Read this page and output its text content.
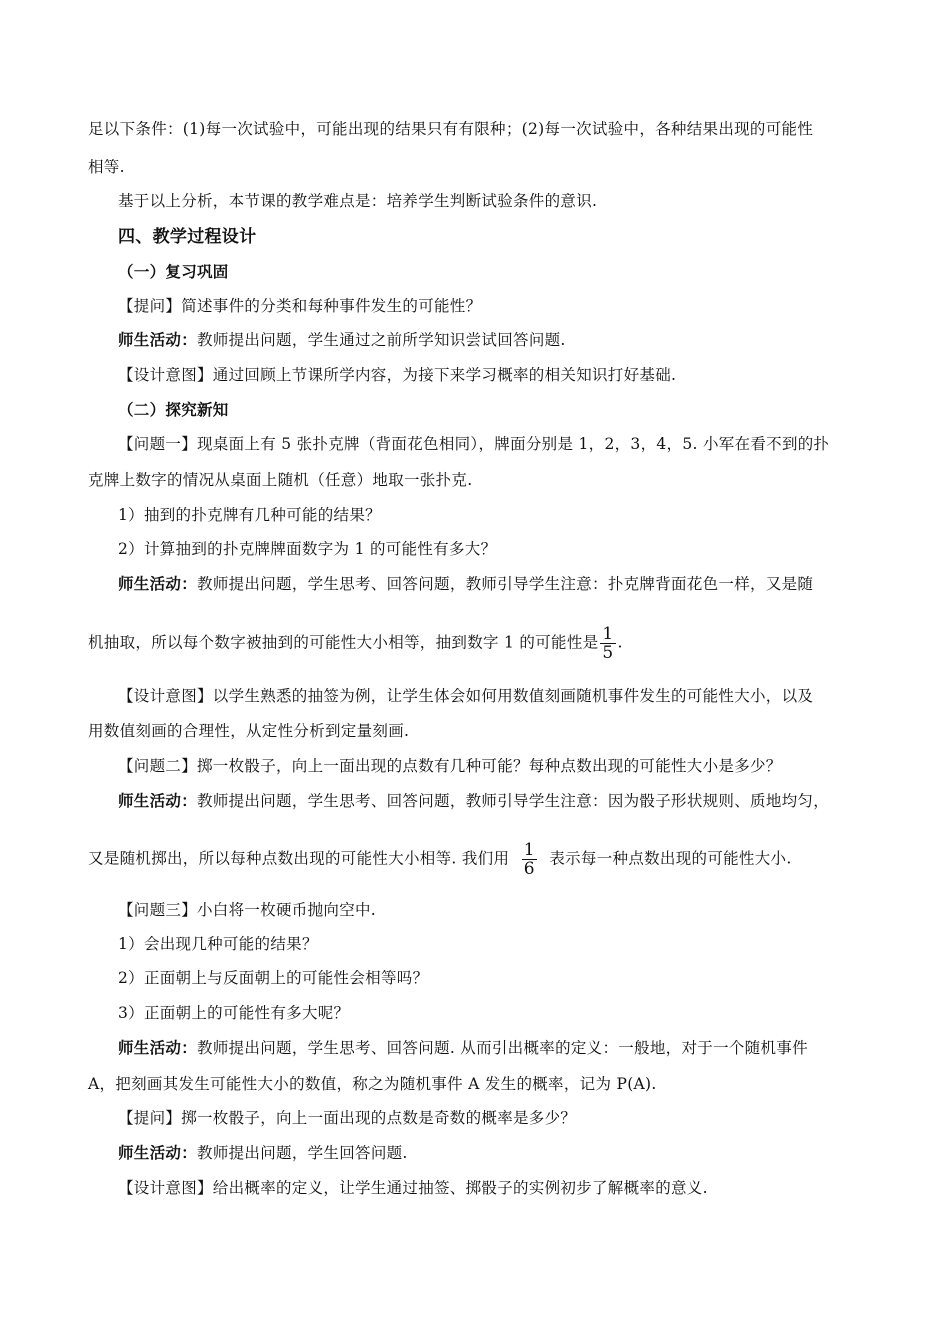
足以下条件：(1)每一次试验中，可能出现的结果只有有限种；(2)每一次试验中，各种结果出现的可能性
相等.
基于以上分析，本节课的教学难点是：培养学生判断试验条件的意识.
四、教学过程设计
（一）复习巩固
【提问】简述事件的分类和每种事件发生的可能性？
师生活动：教师提出问题，学生通过之前所学知识尝试回答问题.
【设计意图】通过回顾上节课所学内容，为接下来学习概率的相关知识打好基础.
（二）探究新知
【问题一】现桌面上有 5 张扑克牌（背面花色相同），牌面分别是 1，2，3，4，5. 小军在看不到的扑
克牌上数字的情况从桌面上随机（任意）地取一张扑克.
1）抽到的扑克牌有几种可能的结果？
2）计算抽到的扑克牌牌面数字为 1 的可能性有多大？
师生活动：教师提出问题，学生思考、回答问题，教师引导学生注意：扑克牌背面花色一样，又是随
机抽取，所以每个数字被抽到的可能性大小相等，抽到数字 1 的可能性是 $\frac{1}{5}$ .
【设计意图】以学生熟悉的抽签为例，让学生体会如何用数值刻画随机事件发生的可能性大小，以及
用数值刻画的合理性，从定性分析到定量刻画.
【问题二】掷一枚骰子，向上一面出现的点数有几种可能？每种点数出现的可能性大小是多少？
师生活动：教师提出问题，学生思考、回答问题，教师引导学生注意：因为骰子形状规则、质地均匀，
又是随机掷出，所以每种点数出现的可能性大小相等. 我们用 $\frac{1}{6}$ 表示每一种点数出现的可能性大小.
【问题三】小白将一枚硬币抛向空中.
1）会出现几种可能的结果？
2）正面朝上与反面朝上的可能性会相等吗？
3）正面朝上的可能性有多大呢？
师生活动：教师提出问题，学生思考、回答问题. 从而引出概率的定义：一般地，对于一个随机事件
A，把刻画其发生可能性大小的数值，称之为随机事件 A 发生的概率，记为 P(A).
【提问】掷一枚骰子，向上一面出现的点数是奇数的概率是多少？
师生活动：教师提出问题，学生回答问题.
【设计意图】给出概率的定义，让学生通过抽签、掷骰子的实例初步了解概率的意义.
